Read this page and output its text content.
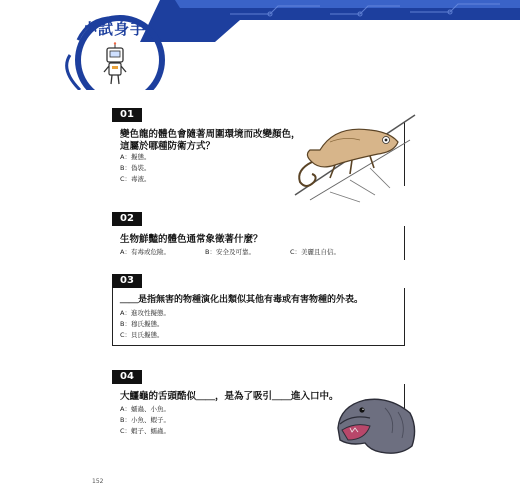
小試身手
01
變色龍的體色會隨著周圍環境而改變顏色，
這屬於哪種防衛方式？
A：擬態。
B：偽裝。
C：毒液。
02
生物鮮豔的體色通常象徵著什麼？
A：有毒或危險。	B：安全及可靠。	C：美麗且自信。
03
＿＿是指無害的物種演化出類似其他有毒或有害物種的外表。
A：進攻性擬態。
B：穆氏擬態。
C：貝氏擬態。
04
大鱷龜的舌頭酷似＿＿，是為了吸引＿＿進入口中。
A：蠕蟲、小魚。
B：小魚、蝦子。
C：蝦子、蠕蟲。
152
